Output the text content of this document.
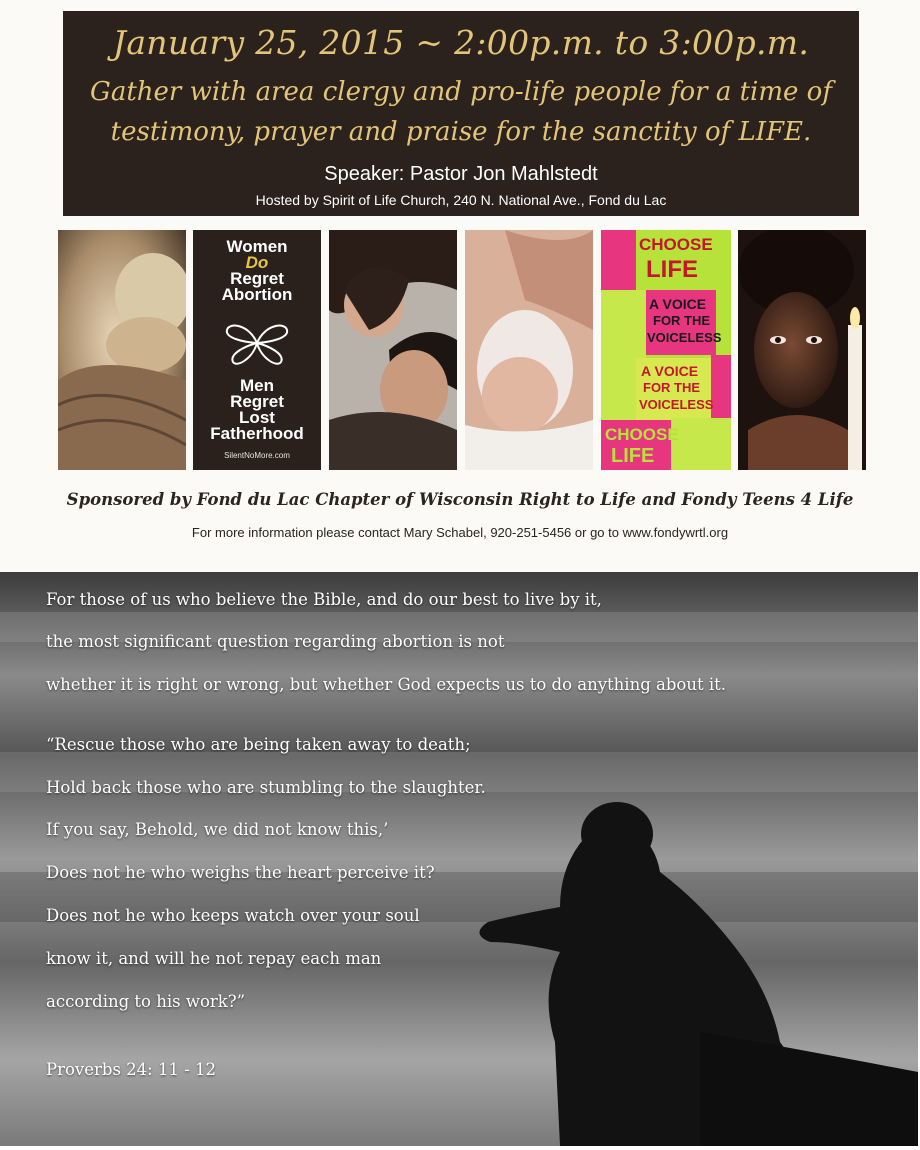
January 25, 2015 ~ 2:00p.m. to 3:00p.m.
Gather with area clergy and pro-life people for a time of
testimony, prayer and praise for the sanctity of LIFE.
Speaker: Pastor Jon Mahlstedt
Hosted by Spirit of Life Church, 240 N. National Ave., Fond du Lac
Women
Do
Regret
Abortion
Men
Regret
Lost
Fatherhood
SilentNoMore.com
CHOOSE
LIFE
A VOICE
FOR THE
VOICELESS
CHOOSE
LIFE
A VOICE
FOR THE
VOICELESS
Sponsored by Fond du Lac Chapter of Wisconsin Right to Life and Fondy Teens 4 Life
For more information please contact Mary Schabel, 920-251-5456 or go to www.fondywrtl.org
For those of us who believe the Bible, and do our best to live by it,
the most significant question regarding abortion is not
whether it is right or wrong, but whether God expects us to do anything about it.
“Rescue those who are being taken away to death;
Hold back those who are stumbling to the slaughter.
If you say, Behold, we did not know this,’
Does not he who weighs the heart perceive it?
Does not he who keeps watch over your soul
know it, and will he not repay each man
according to his work?”
Proverbs 24: 11 - 12
